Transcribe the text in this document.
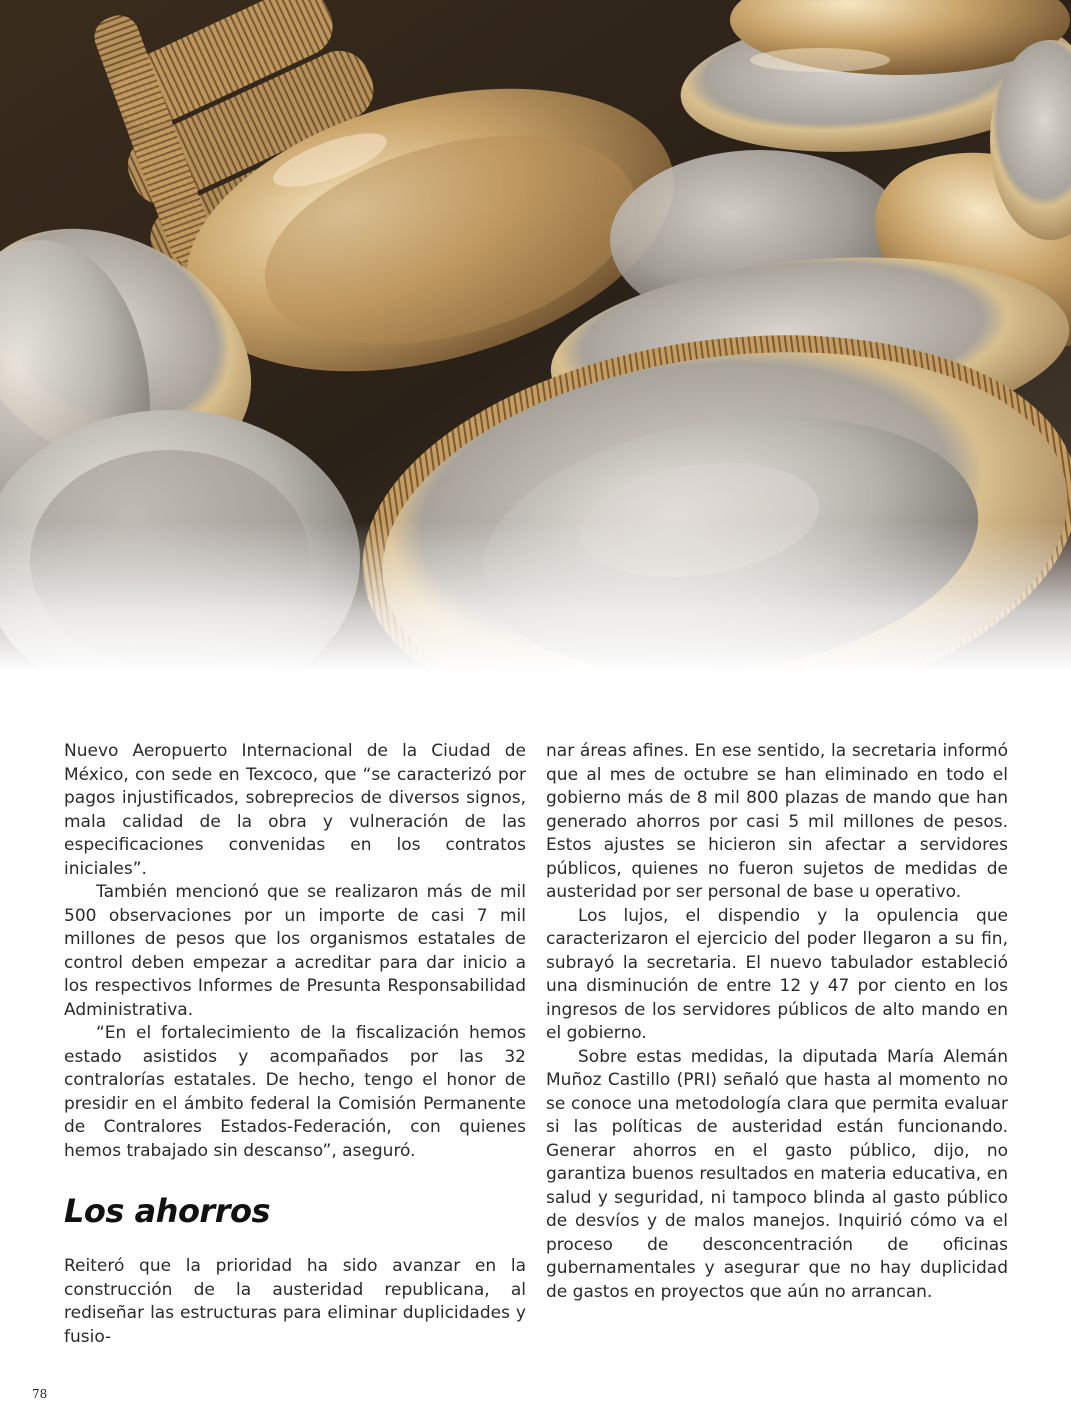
Nuevo Aeropuerto Internacional de la Ciudad de México, con sede en Texcoco, que “se caracterizó por pagos injustificados, sobreprecios de diversos signos, mala calidad de la obra y vulneración de las especificaciones convenidas en los contratos iniciales”.

También mencionó que se realizaron más de mil 500 observaciones por un importe de casi 7 mil millones de pesos que los organismos estatales de control deben empezar a acreditar para dar inicio a los respectivos Informes de Presunta Responsabilidad Administrativa.

“En el fortalecimiento de la fiscalización hemos estado asistidos y acompañados por las 32 contralorías estatales. De hecho, tengo el honor de presidir en el ámbito federal la Comisión Permanente de Contralores Estados-Federación, con quienes hemos trabajado sin descanso”, aseguró.

Los ahorros

Reiteró que la prioridad ha sido avanzar en la construcción de la austeridad republicana, al rediseñar las estructuras para eliminar duplicidades y fusio-

nar áreas afines. En ese sentido, la secretaria informó que al mes de octubre se han eliminado en todo el gobierno más de 8 mil 800 plazas de mando que han generado ahorros por casi 5 mil millones de pesos. Estos ajustes se hicieron sin afectar a servidores públicos, quienes no fueron sujetos de medidas de austeridad por ser personal de base u operativo.

Los lujos, el dispendio y la opulencia que caracterizaron el ejercicio del poder llegaron a su fin, subrayó la secretaria. El nuevo tabulador estableció una disminución de entre 12 y 47 por ciento en los ingresos de los servidores públicos de alto mando en el gobierno.

Sobre estas medidas, la diputada María Alemán Muñoz Castillo (PRI) señaló que hasta al momento no se conoce una metodología clara que permita evaluar si las políticas de austeridad están funcionando. Generar ahorros en el gasto público, dijo, no garantiza buenos resultados en materia educativa, en salud y seguridad, ni tampoco blinda al gasto público de desvíos y de malos manejos. Inquirió cómo va el proceso de desconcentración de oficinas gubernamentales y asegurar que no hay duplicidad de gastos en proyectos que aún no arrancan.

78
